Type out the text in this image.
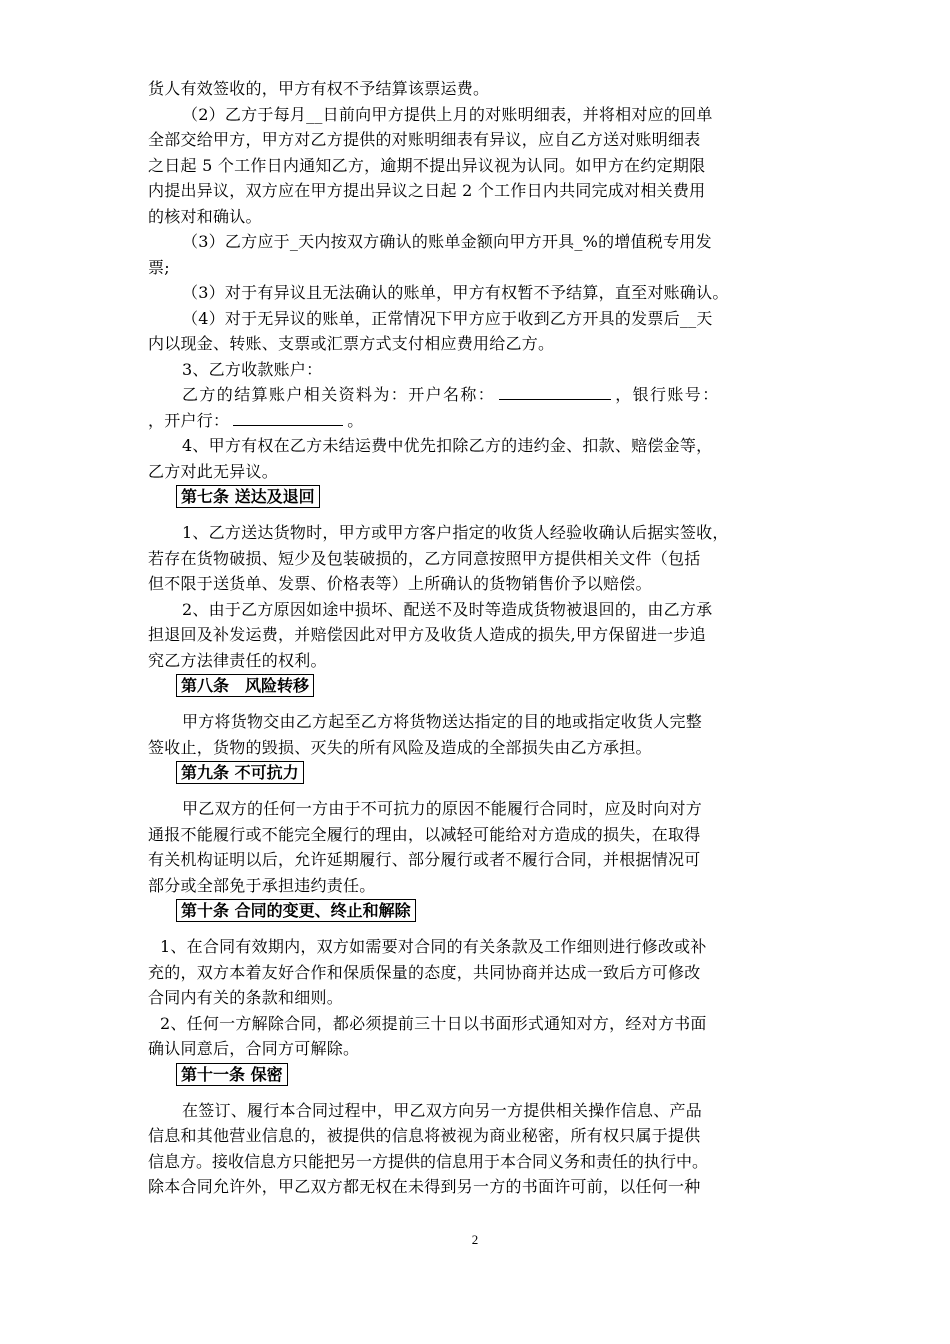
货人有效签收的，甲方有权不予结算该票运费。
（2）乙方于每月__日前向甲方提供上月的对账明细表，并将相对应的回单
全部交给甲方，甲方对乙方提供的对账明细表有异议，应自乙方送对账明细表
之日起 5 个工作日内通知乙方，逾期不提出异议视为认同。如甲方在约定期限
内提出异议，双方应在甲方提出异议之日起 2 个工作日内共同完成对相关费用
的核对和确认。
（3）乙方应于_天内按双方确认的账单金额向甲方开具_%的增值税专用发
票;
（3）对于有异议且无法确认的账单，甲方有权暂不予结算，直至对账确认。
（4）对于无异议的账单，正常情况下甲方应于收到乙方开具的发票后__天
内以现金、转账、支票或汇票方式支付相应费用给乙方。
3、乙方收款账户：
乙方的结算账户相关资料为：开户名称：	，银行账号：
，开户行：	。
4、甲方有权在乙方未结运费中优先扣除乙方的违约金、扣款、赔偿金等，
乙方对此无异议。
第七条 送达及退回
1、乙方送达货物时，甲方或甲方客户指定的收货人经验收确认后据实签收，
若存在货物破损、短少及包装破损的，乙方同意按照甲方提供相关文件（包括
但不限于送货单、发票、价格表等）上所确认的货物销售价予以赔偿。
2、由于乙方原因如途中损坏、配送不及时等造成货物被退回的，由乙方承
担退回及补发运费，并赔偿因此对甲方及收货人造成的损失,甲方保留进一步追
究乙方法律责任的权利。
第八条　风险转移
甲方将货物交由乙方起至乙方将货物送达指定的目的地或指定收货人完整
签收止，货物的毁损、灭失的所有风险及造成的全部损失由乙方承担。
第九条 不可抗力
甲乙双方的任何一方由于不可抗力的原因不能履行合同时，应及时向对方
通报不能履行或不能完全履行的理由，以减轻可能给对方造成的损失，在取得
有关机构证明以后，允许延期履行、部分履行或者不履行合同，并根据情况可
部分或全部免于承担违约责任。
第十条 合同的变更、终止和解除
1、在合同有效期内，双方如需要对合同的有关条款及工作细则进行修改或补
充的，双方本着友好合作和保质保量的态度，共同协商并达成一致后方可修改
合同内有关的条款和细则。
2、任何一方解除合同，都必须提前三十日以书面形式通知对方，经对方书面
确认同意后，合同方可解除。
第十一条 保密
在签订、履行本合同过程中，甲乙双方向另一方提供相关操作信息、产品
信息和其他营业信息的，被提供的信息将被视为商业秘密，所有权只属于提供
信息方。接收信息方只能把另一方提供的信息用于本合同义务和责任的执行中。
除本合同允许外，甲乙双方都无权在未得到另一方的书面许可前，以任何一种
2
